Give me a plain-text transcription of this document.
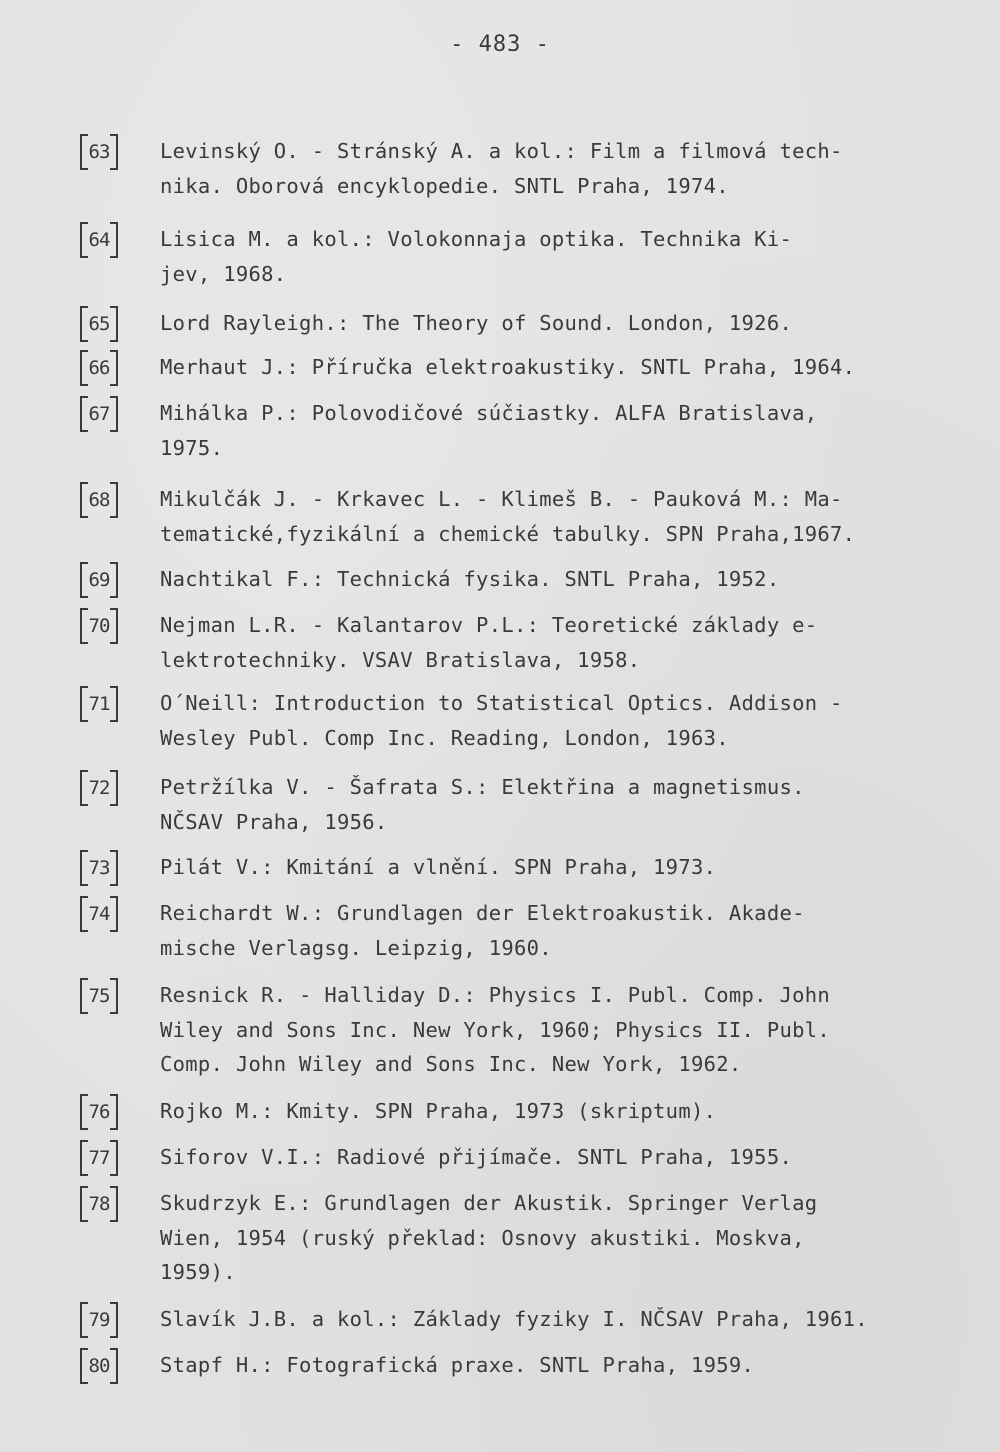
- 483 -
63	Levinský O. - Stránský A. a kol.: Film a filmová tech-
nika. Oborová encyklopedie. SNTL Praha, 1974.
64	Lisica M. a kol.: Volokonnaja optika. Technika Ki-
jev, 1968.
65	Lord Rayleigh.: The Theory of Sound. London, 1926.
66	Merhaut J.: Příručka elektroakustiky. SNTL Praha, 1964.
67	Mihálka P.: Polovodičové súčiastky. ALFA Bratislava,
1975.
68	Mikulčák J. - Krkavec L. - Klimeš B. - Pauková M.: Ma-
tematické,fyzikální a chemické tabulky. SPN Praha,1967.
69	Nachtikal F.: Technická fysika. SNTL Praha, 1952.
70	Nejman L.R. - Kalantarov P.L.: Teoretické základy e-
lektrotechniky. VSAV Bratislava, 1958.
71	O´Neill: Introduction to Statistical Optics. Addison -
Wesley Publ. Comp Inc. Reading, London, 1963.
72	Petržílka V. - Šafrata S.: Elektřina a magnetismus.
NČSAV Praha, 1956.
73	Pilát V.: Kmitání a vlnění. SPN Praha, 1973.
74	Reichardt W.: Grundlagen der Elektroakustik. Akade-
mische Verlagsg. Leipzig, 1960.
75	Resnick R. - Halliday D.: Physics I. Publ. Comp. John
Wiley and Sons Inc. New York, 1960; Physics II. Publ.
Comp. John Wiley and Sons Inc. New York, 1962.
76	Rojko M.: Kmity. SPN Praha, 1973 (skriptum).
77	Siforov V.I.: Radiové přijímače. SNTL Praha, 1955.
78	Skudrzyk E.: Grundlagen der Akustik. Springer Verlag
Wien, 1954 (ruský překlad: Osnovy akustiki. Moskva,
1959).
79	Slavík J.B. a kol.: Základy fyziky I. NČSAV Praha, 1961.
80	Stapf H.: Fotografická praxe. SNTL Praha, 1959.
